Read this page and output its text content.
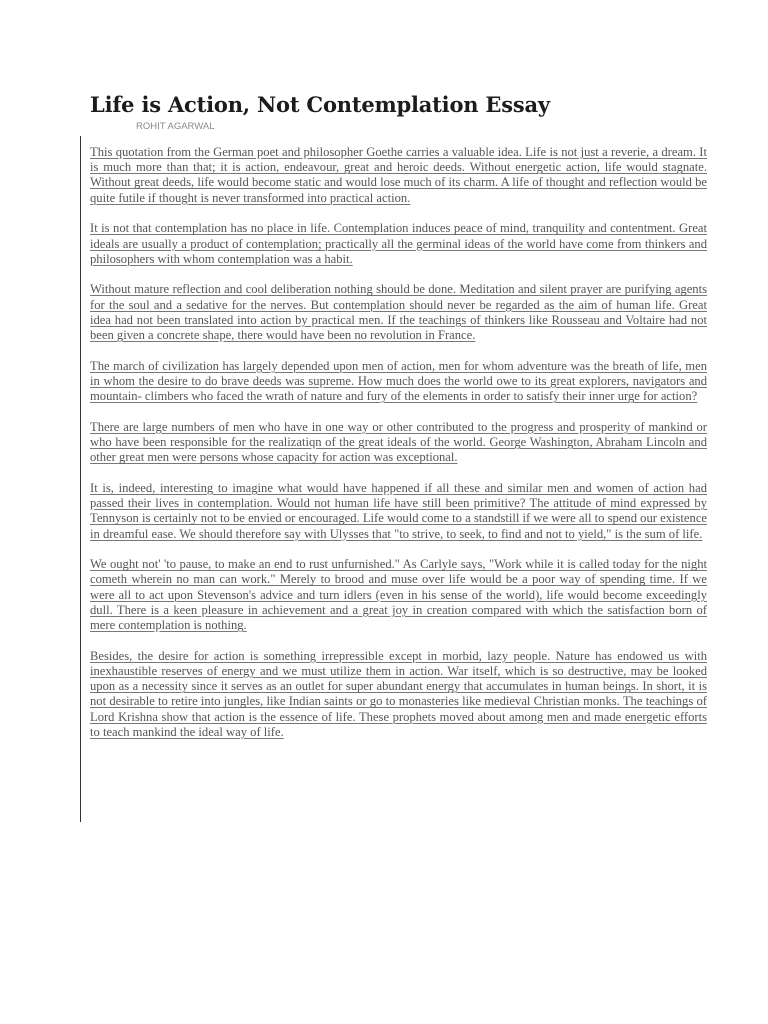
Life is Action, Not Contemplation Essay
ROHIT AGARWAL

This quotation from the German poet and philosopher Goethe carries a valuable idea. Life is not just a reverie, a dream. It is much more than that; it is action, endeavour, great and heroic deeds. Without energetic action, life would stagnate. Without great deeds, life would become static and would lose much of its charm. A life of thought and reflection would be quite futile if thought is never transformed into practical action.

It is not that contemplation has no place in life. Contemplation induces peace of mind, tranquility and contentment. Great ideals are usually a product of contemplation; practically all the germinal ideas of the world have come from thinkers and philosophers with whom contemplation was a habit.

Without mature reflection and cool deliberation nothing should be done. Meditation and silent prayer are purifying agents for the soul and a sedative for the nerves. But contemplation should never be regarded as the aim of human life. Great idea had not been translated into action by practical men. If the teachings of thinkers like Rousseau and Voltaire had not been given a concrete shape, there would have been no revolution in France.

The march of civilization has largely depended upon men of action, men for whom adventure was the breath of life, men in whom the desire to do brave deeds was supreme. How much does the world owe to its great explorers, navigators and mountain- climbers who faced the wrath of nature and fury of the elements in order to satisfy their inner urge for action?

There are large numbers of men who have in one way or other contributed to the progress and prosperity of mankind or who have been responsible for the realizatiqn of the great ideals of the world. George Washington, Abraham Lincoln and other great men were persons whose capacity for action was exceptional.

It is, indeed, interesting to imagine what would have happened if all these and similar men and women of action had passed their lives in contemplation. Would not human life have still been primitive? The attitude of mind expressed by Tennyson is certainly not to be envied or encouraged. Life would come to a standstill if we were all to spend our existence in dreamful ease. We should therefore say with Ulysses that "to strive, to seek, to find and not to yield," is the sum of life.

We ought not' 'to pause, to make an end to rust unfurnished." As Carlyle says, "Work while it is called today for the night cometh wherein no man can work." Merely to brood and muse over life would be a poor way of spending time. If we were all to act upon Stevenson's advice and turn idlers (even in his sense of the world), life would become exceedingly dull. There is a keen pleasure in achievement and a great joy in creation compared with which the satisfaction born of mere contemplation is nothing.

Besides, the desire for action is something irrepressible except in morbid, lazy people. Nature has endowed us with inexhaustible reserves of energy and we must utilize them in action. War itself, which is so destructive, may be looked upon as a necessity since it serves as an outlet for super abundant energy that accumulates in human beings. In short, it is not desirable to retire into jungles, like Indian saints or go to monasteries like medieval Christian monks. The teachings of Lord Krishna show that action is the essence of life. These prophets moved about among men and made energetic efforts to teach mankind the ideal way of life.
